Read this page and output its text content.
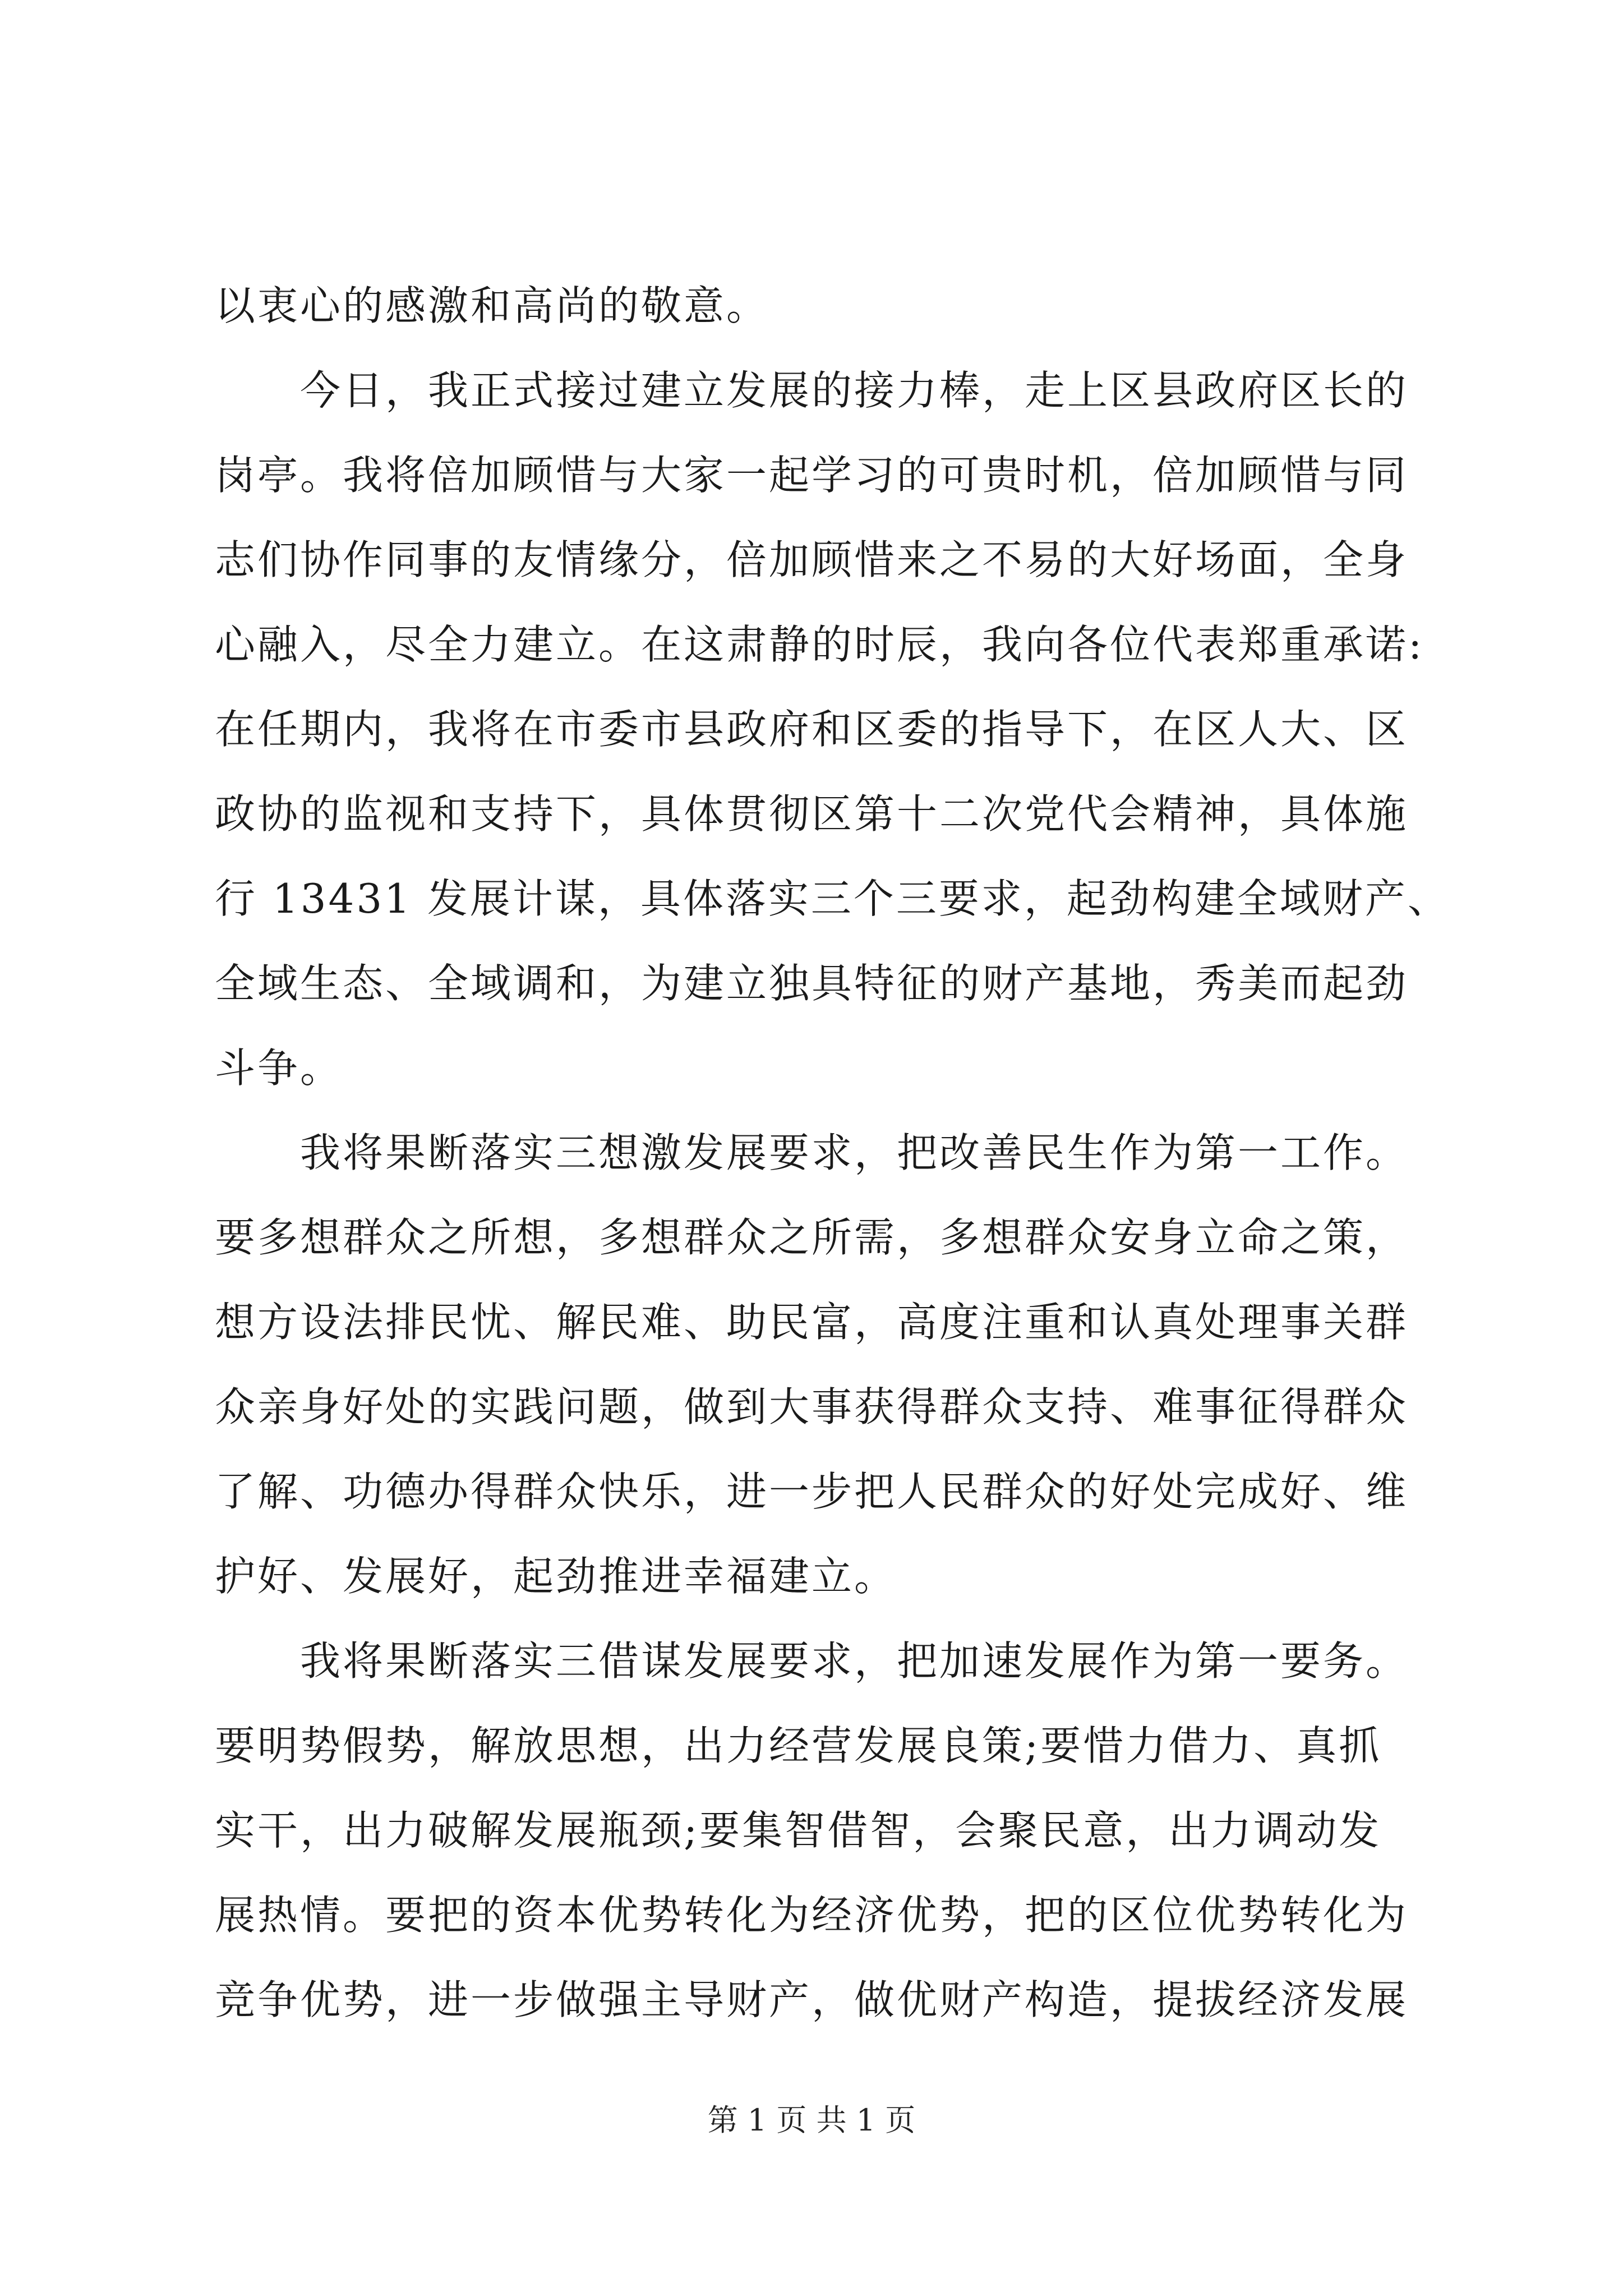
以衷心的感激和高尚的敬意。
今日，我正式接过建立发展的接力棒，走上区县政府区长的
岗亭。我将倍加顾惜与大家一起学习的可贵时机，倍加顾惜与同
志们协作同事的友情缘分，倍加顾惜来之不易的大好场面，全身
心融入，尽全力建立。在这肃静的时辰，我向各位代表郑重承诺:
在任期内，我将在市委市县政府和区委的指导下，在区人大、区
政协的监视和支持下，具体贯彻区第十二次党代会精神，具体施
行 13431 发展计谋，具体落实三个三要求，起劲构建全域财产、
全域生态、全域调和，为建立独具特征的财产基地，秀美而起劲
斗争。
我将果断落实三想激发展要求，把改善民生作为第一工作。
要多想群众之所想，多想群众之所需，多想群众安身立命之策，
想方设法排民忧、解民难、助民富，高度注重和认真处理事关群
众亲身好处的实践问题，做到大事获得群众支持、难事征得群众
了解、功德办得群众快乐，进一步把人民群众的好处完成好、维
护好、发展好，起劲推进幸福建立。
我将果断落实三借谋发展要求，把加速发展作为第一要务。
要明势假势，解放思想，出力经营发展良策;要惜力借力、真抓
实干，出力破解发展瓶颈;要集智借智，会聚民意，出力调动发
展热情。要把的资本优势转化为经济优势，把的区位优势转化为
竞争优势，进一步做强主导财产，做优财产构造，提拔经济发展
第 1 页 共 1 页
